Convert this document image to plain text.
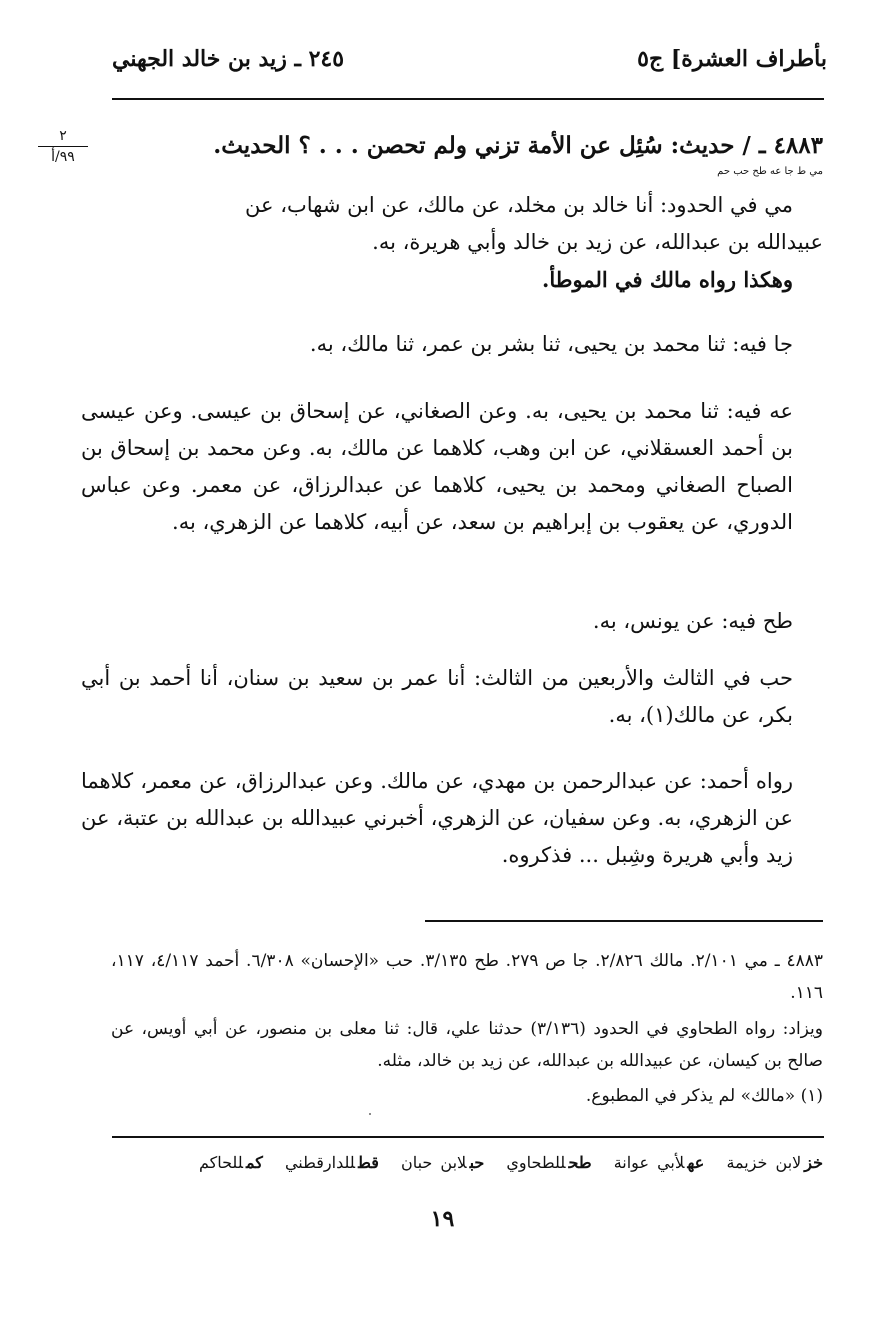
بأطراف العشرة] ج٥
٢٤٥ ـ زيد بن خالد الجهني
٢
٩٩/أ	٤٨٨٣ ـ / حديث: سُئِل عن الأمة تزني ولم تحصن . . . ؟ الحديث.
مي ط جا عه طح حب حم

مي في الحدود: أنا خالد بن مخلد، عن مالك، عن ابن شهاب، عن

عبيدالله بن عبدالله، عن زيد بن خالد وأبي هريرة، به.

وهكذا رواه مالك في الموطأ.

جا فيه: ثنا محمد بن يحيى، ثنا بشر بن عمر، ثنا مالك، به.
عه فيه: ثنا محمد بن يحيى، به. وعن الصغاني، عن إسحاق بن عيسى. وعن عيسى بن أحمد العسقلاني، عن ابن وهب، كلاهما عن مالك، به. وعن محمد بن إسحاق بن الصباح الصغاني ومحمد بن يحيى، كلاهما عن عبدالرزاق، عن معمر. وعن عباس الدوري، عن يعقوب بن إبراهيم بن سعد، عن أبيه، كلاهما عن الزهري، به.
طح فيه: عن يونس، به.
حب في الثالث والأربعين من الثالث: أنا عمر بن سعيد بن سنان، أنا أحمد بن أبي بكر، عن مالك(١)، به.
رواه أحمد: عن عبدالرحمن بن مهدي، عن مالك. وعن عبدالرزاق، عن معمر، كلاهما عن الزهري، به. وعن سفيان، عن الزهري، أخبرني عبيدالله بن عبدالله بن عتبة، عن زيد وأبي هريرة وشِبل ... فذكروه.
٤٨٨٣ ـ مي ٢/١٠١. مالك ٢/٨٢٦. جا ص ٢٧٩. طح ٣/١٣٥. حب «الإحسان» ٦/٣٠٨. أحمد ٤/١١٧، ١١٧، ١١٦.
ويزاد: رواه الطحاوي في الحدود (٣/١٣٦) حدثنا علي، قال: ثنا معلى بن منصور، عن أبي أويس، عن صالح بن كيسان، عن عبيدالله بن عبدالله، عن زيد بن خالد، مثله.
(١) «مالك» لم يذكر في المطبوع.
خزلابن خزيمة عهلأبي عوانة طحللطحاوي حبلابن حبان قطللدارقطني كمللحاكم
١٩
